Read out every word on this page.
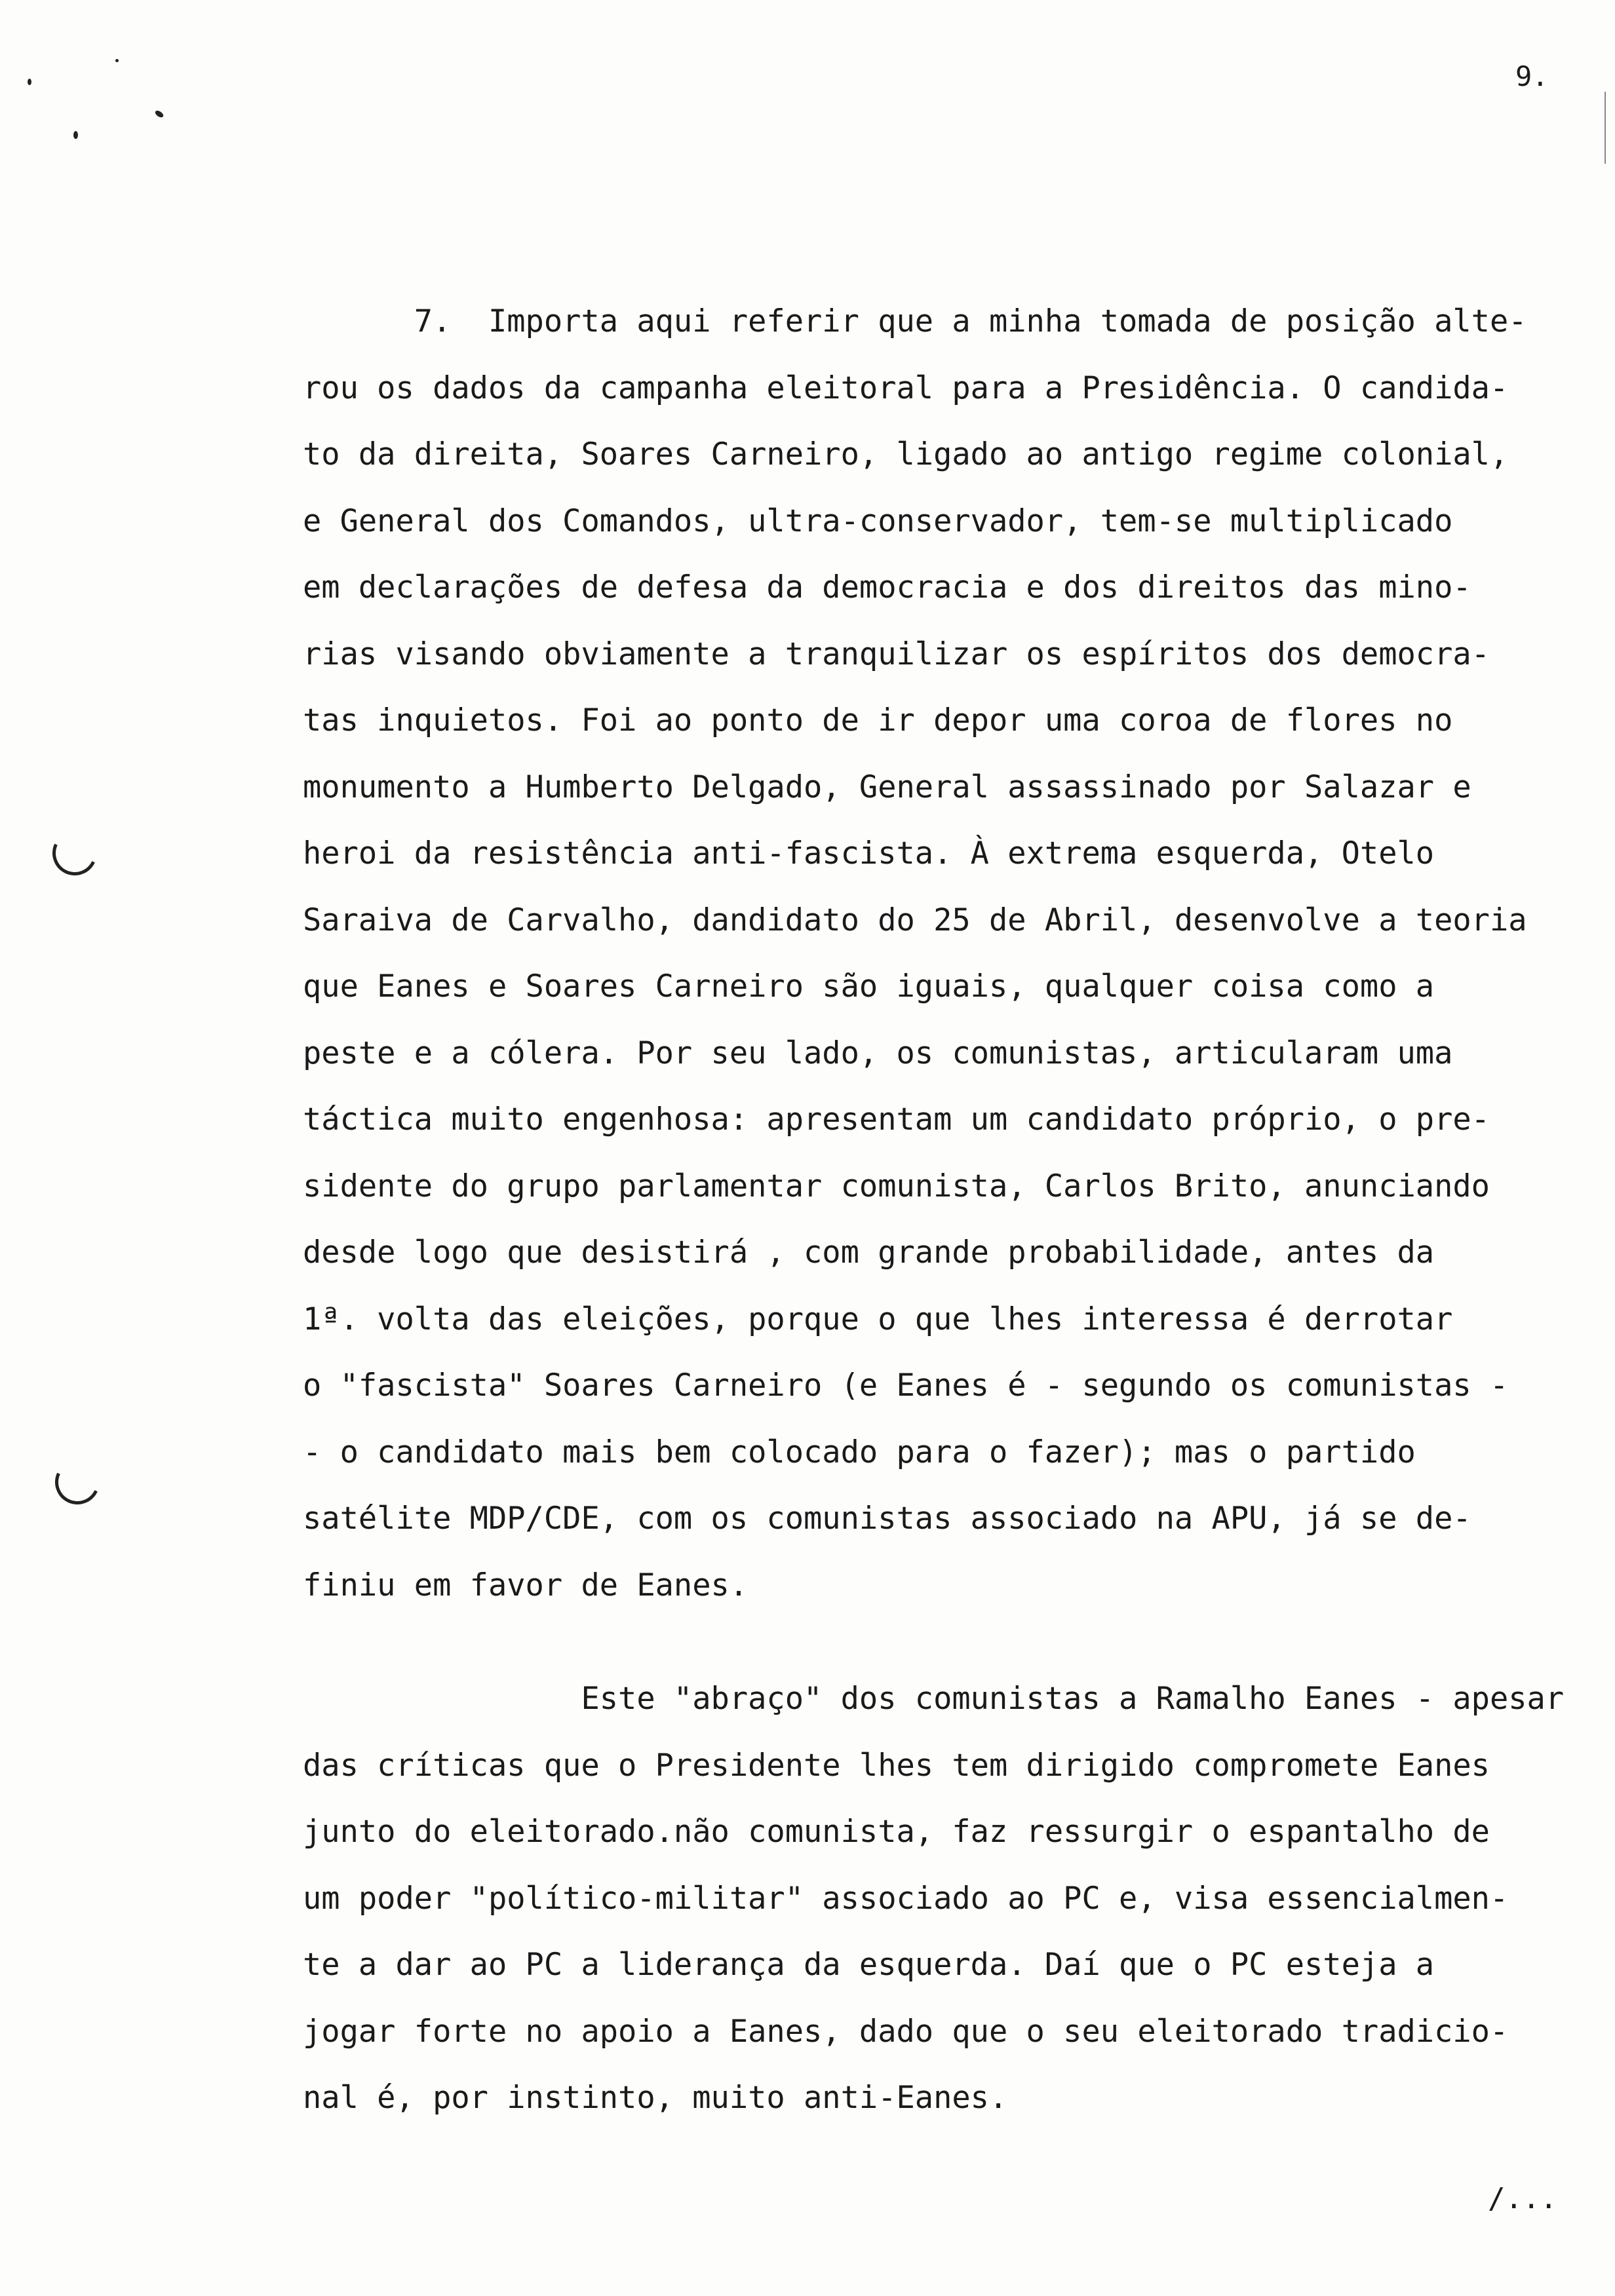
9.
7.  Importa aqui referir que a minha tomada de posição alte-
rou os dados da campanha eleitoral para a Presidência. O candida-
to da direita, Soares Carneiro, ligado ao antigo regime colonial,
e General dos Comandos, ultra-conservador, tem-se multiplicado
em declarações de defesa da democracia e dos direitos das mino-
rias visando obviamente a tranquilizar os espíritos dos democra-
tas inquietos. Foi ao ponto de ir depor uma coroa de flores no
monumento a Humberto Delgado, General assassinado por Salazar e
heroi da resistência anti-fascista. À extrema esquerda, Otelo
Saraiva de Carvalho, dandidato do 25 de Abril, desenvolve a teoria
que Eanes e Soares Carneiro são iguais, qualquer coisa como a
peste e a cólera. Por seu lado, os comunistas, articularam uma
táctica muito engenhosa: apresentam um candidato próprio, o pre-
sidente do grupo parlamentar comunista, Carlos Brito, anunciando
desde logo que desistirá , com grande probabilidade, antes da
1ª. volta das eleições, porque o que lhes interessa é derrotar
o "fascista" Soares Carneiro (e Eanes é - segundo os comunistas -
- o candidato mais bem colocado para o fazer); mas o partido
satélite MDP/CDE, com os comunistas associado na APU, já se de-
finiu em favor de Eanes.
Este "abraço" dos comunistas a Ramalho Eanes - apesar
das críticas que o Presidente lhes tem dirigido compromete Eanes
junto do eleitorado.não comunista, faz ressurgir o espantalho de
um poder "político-militar" associado ao PC e, visa essencialmen-
te a dar ao PC a liderança da esquerda. Daí que o PC esteja a
jogar forte no apoio a Eanes, dado que o seu eleitorado tradicio-
nal é, por instinto, muito anti-Eanes.
/...
